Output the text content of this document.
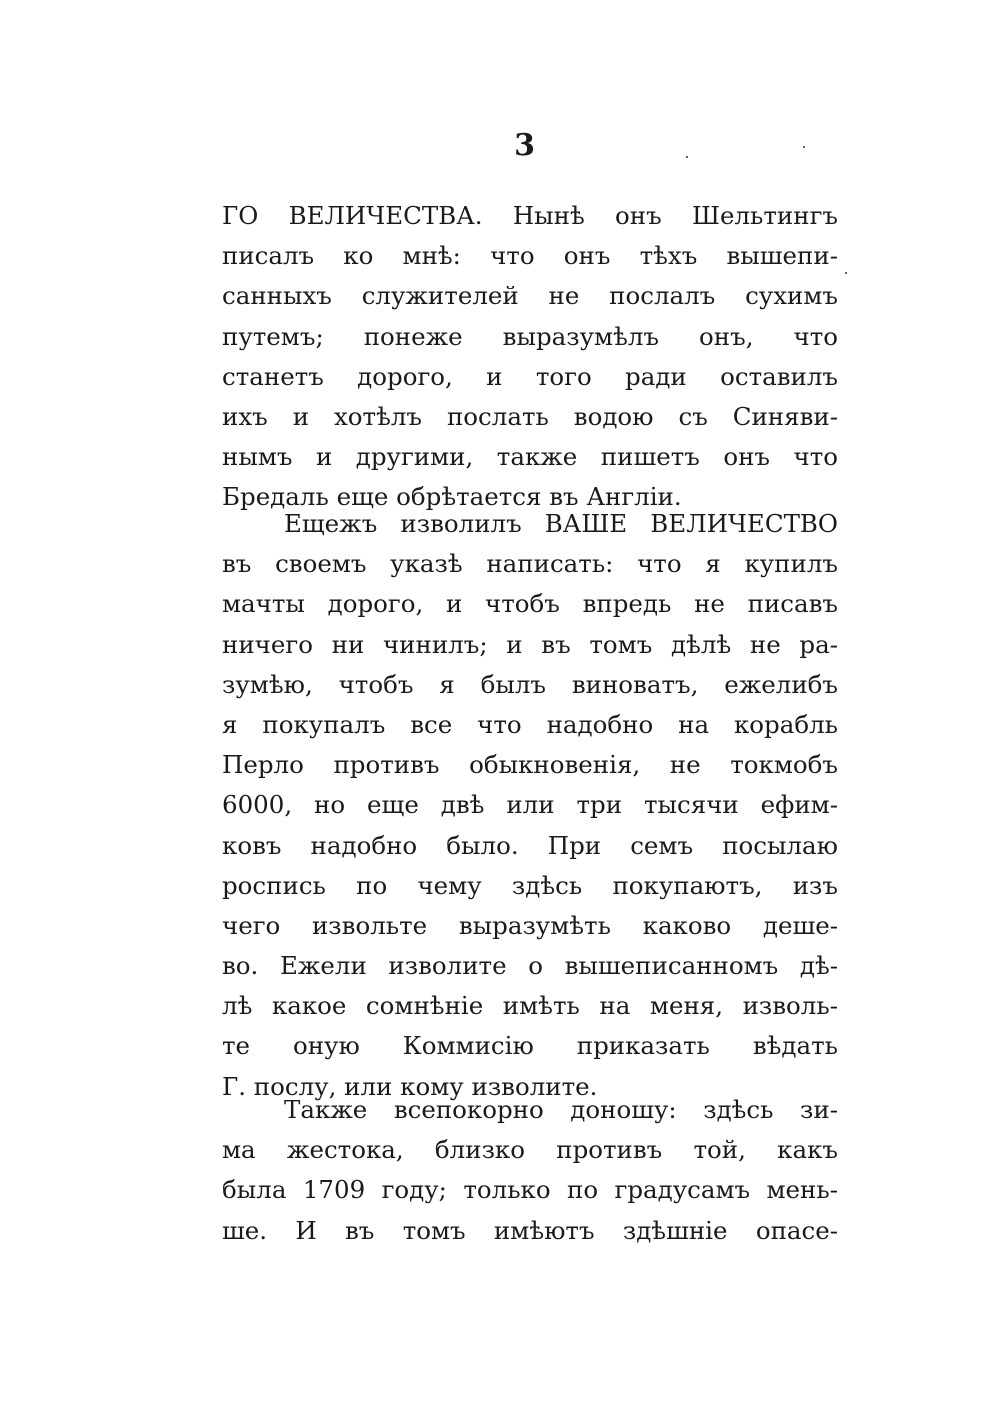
3
ГО ВЕЛИЧЕСТВА. Нынѣ онъ Шельтингъ
писалъ ко мнѣ: что онъ тѣхъ вышепи-
санныхъ служителей не послалъ сухимъ
путемъ; понеже выразумѣлъ онъ, что
станетъ дорого, и того ради оставилъ
ихъ и хотѣлъ послать водою съ Синяви-
нымъ и другими, также пишетъ онъ что
Бредаль еще обрѣтается въ Англіи.
Ещежъ изволилъ ВАШЕ ВЕЛИЧЕСТВО
въ своемъ указѣ написать: что я купилъ
мачты дорого, и чтобъ впредь не писавъ
ничего ни чинилъ; и въ томъ дѣлѣ не ра-
зумѣю, чтобъ я былъ виноватъ, ежелибъ
я покупалъ все что надобно на корабль
Перло противъ обыкновенія, не токмобъ
6000, но еще двѣ или три тысячи ефим-
ковъ надобно было. При семъ посылаю
роспись по чему здѣсь покупаютъ, изъ
чего извольте выразумѣть каково деше-
во. Ежели изволите о вышеписанномъ дѣ-
лѣ какое сомнѣніе имѣть на меня, изволь-
те оную Коммисію приказать вѣдать
Г. послу, или кому изволите.
Также всепокорно доношу: здѣсь зи-
ма жестока, близко противъ той, какъ
была 1709 году; только по градусамъ мень-
ше. И въ томъ имѣютъ здѣшніе опасе-
